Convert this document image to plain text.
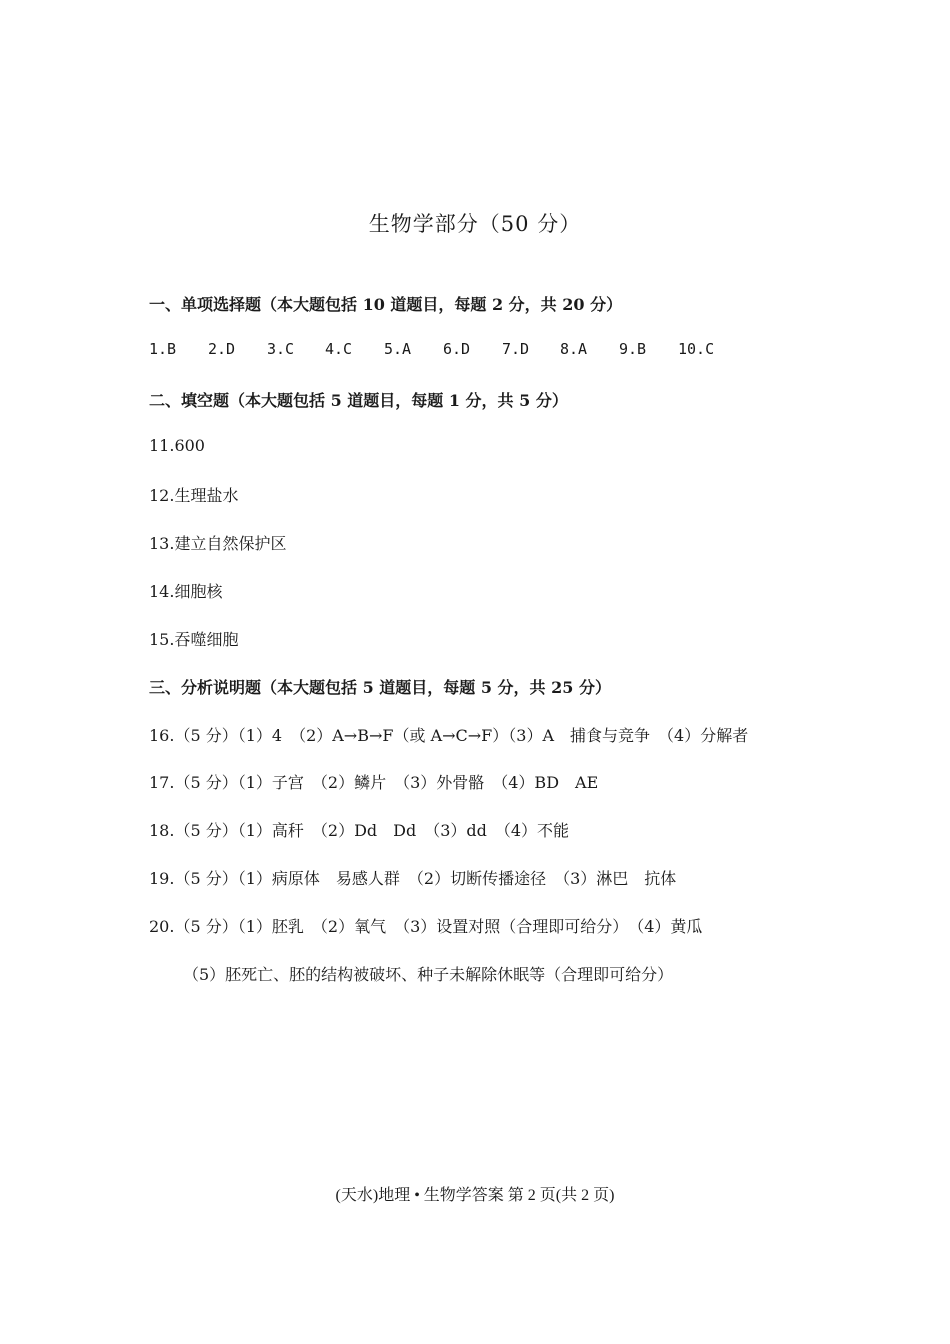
生物学部分（50 分）
一、单项选择题（本大题包括 10 道题目，每题 2 分，共 20 分）
1.B 2.D 3.C 4.C 5.A 6.D 7.D 8.A 9.B 10.C
二、填空题（本大题包括 5 道题目，每题 1 分，共 5 分）
11.600
12.生理盐水
13.建立自然保护区
14.细胞核
15.吞噬细胞
三、分析说明题（本大题包括 5 道题目，每题 5 分，共 25 分）
16.（5 分）（1）4　（2）A→B→F（或 A→C→F）（3）A　捕食与竞争　（4）分解者
17.（5 分）（1）子宫　（2）鳞片　（3）外骨骼　（4）BD　AE
18.（5 分）（1）高秆　（2）Dd　Dd　（3）dd　（4）不能
19.（5 分）（1）病原体　易感人群　（2）切断传播途径　（3）淋巴　抗体
20.（5 分）（1）胚乳　（2）氧气　（3）设置对照（合理即可给分）　（4）黄瓜
（5）胚死亡、胚的结构被破坏、种子未解除休眠等（合理即可给分）
(天水)地理 • 生物学答案 第 2 页(共 2 页)
